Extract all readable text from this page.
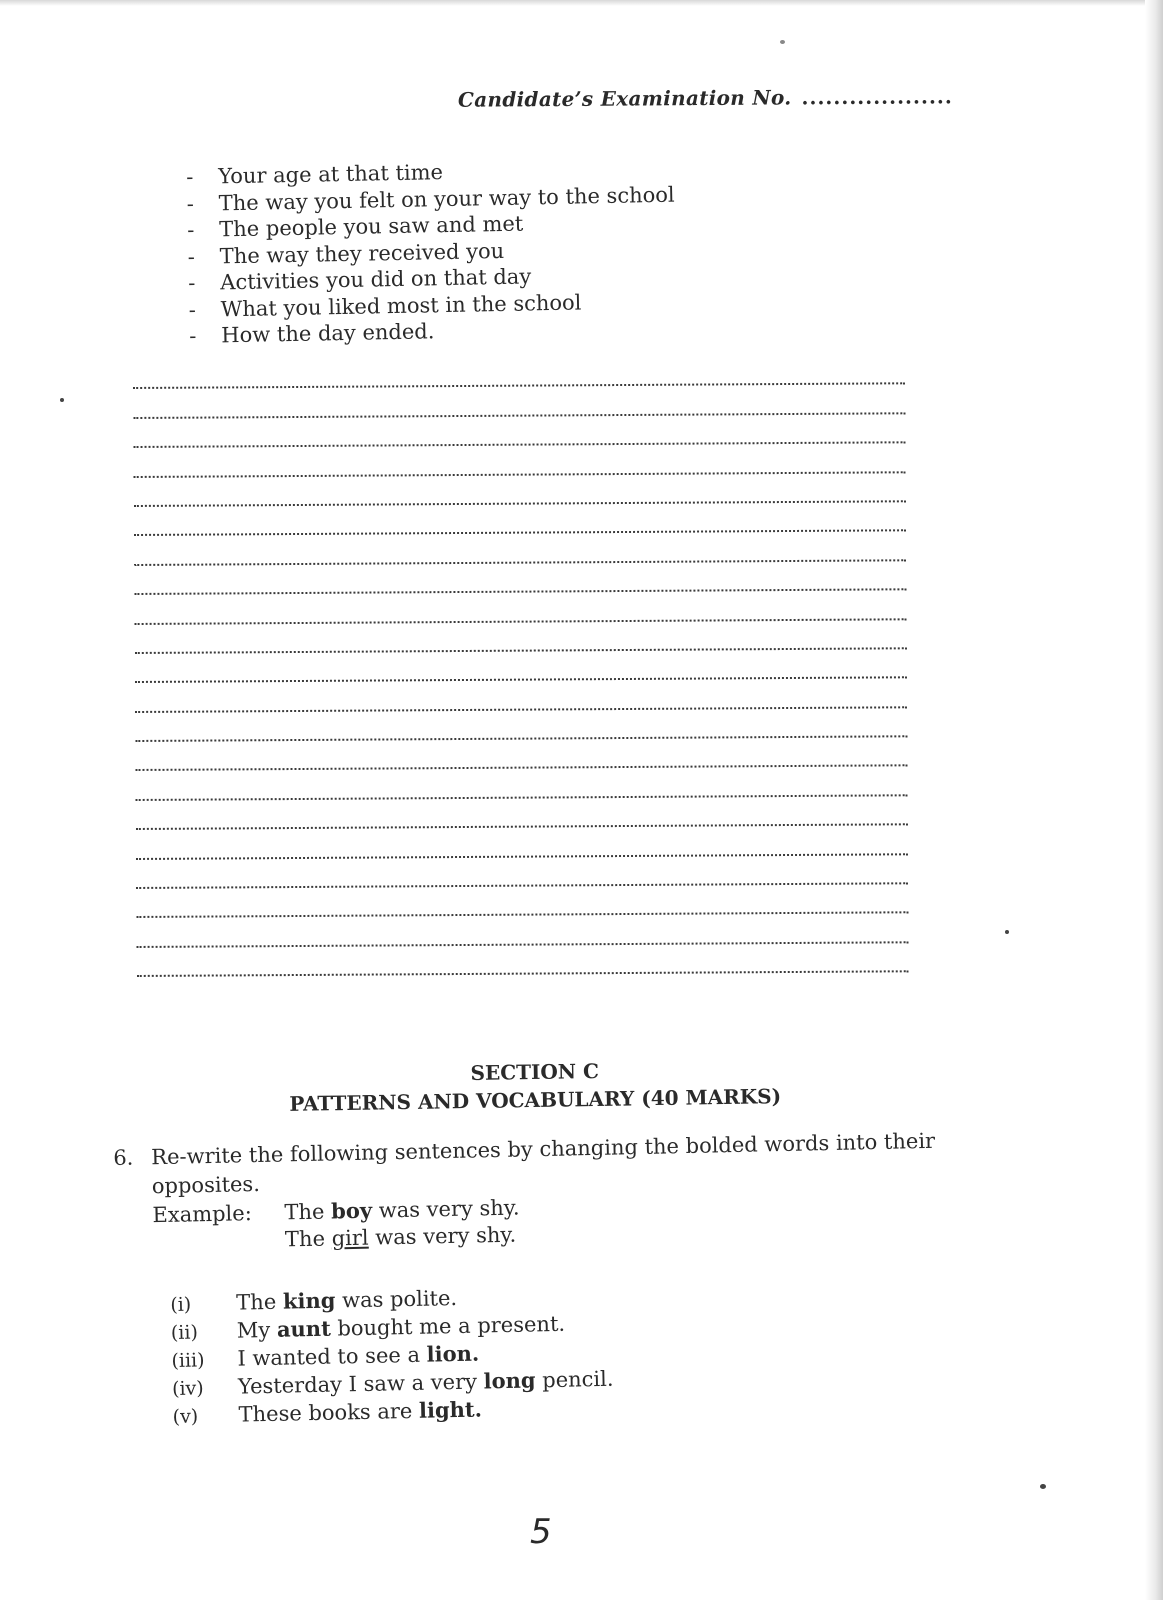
Candidate’s Examination No. ...................
- Your age at that time
- The way you felt on your way to the school
- The people you saw and met
- The way they received you
- Activities you did on that day
- What you liked most in the school
- How the day ended.
SECTION C
PATTERNS AND VOCABULARY (40 MARKS)
6. Re-write the following sentences by changing the bolded words into their
opposites.
Example: The boy was very shy.
The girl was very shy.
(i) The king was polite.
(ii) My aunt bought me a present.
(iii) I wanted to see a lion.
(iv) Yesterday I saw a very long pencil.
(v) These books are light.
5
